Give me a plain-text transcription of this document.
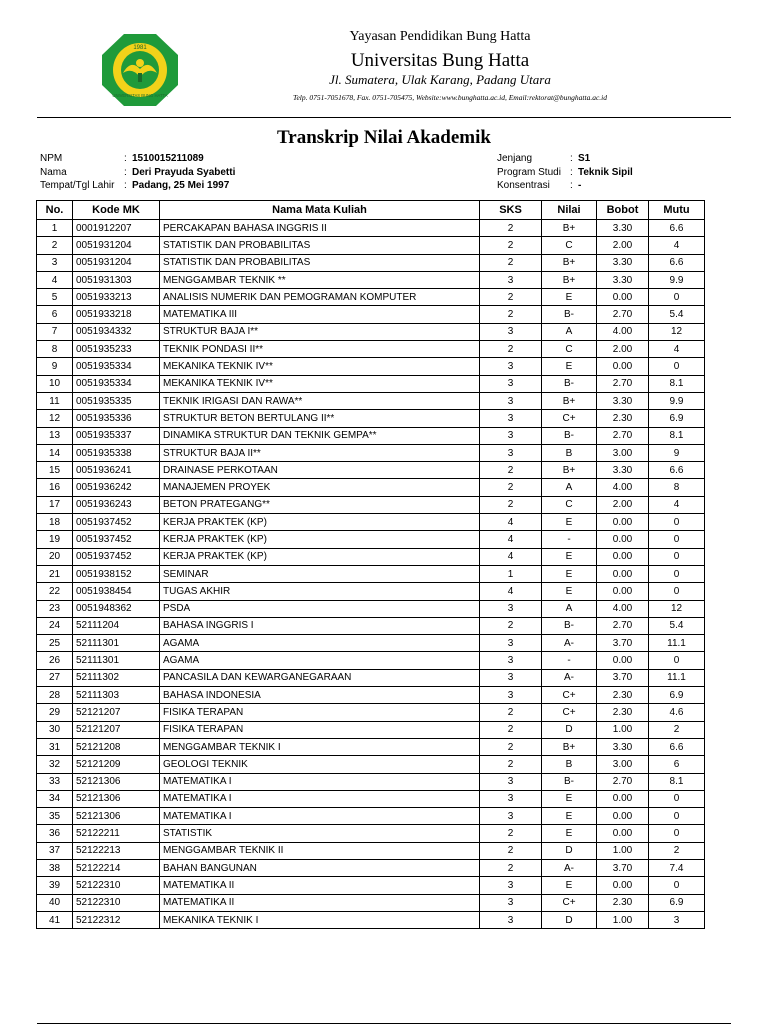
1981
UNIVERSITAS BUNG HATTA
Yayasan Pendidikan Bung Hatta
Universitas Bung Hatta
Jl. Sumatera, Ulak Karang, Padang Utara
Telp. 0751-7051678, Fax. 0751-705475, Website:www.bunghatta.ac.id, Email:rektorat@bunghatta.ac.id
Transkrip Nilai Akademik
NPM	: 1510015211089
Nama	: Deri Prayuda Syabetti
Tempat/Tgl Lahir : Padang, 25 Mei 1997
Jenjang	: S1
Program Studi : Teknik Sipil
Konsentrasi	: -
No.	Kode MK	Nama Mata Kuliah	SKS	Nilai	Bobot	Mutu
1	0001912207	PERCAKAPAN BAHASA INGGRIS II	2	B+	3.30	6.6
2	0051931204	STATISTIK DAN PROBABILITAS	2	C	2.00	4
3	0051931204	STATISTIK DAN PROBABILITAS	2	B+	3.30	6.6
4	0051931303	MENGGAMBAR TEKNIK **	3	B+	3.30	9.9
5	0051933213	ANALISIS NUMERIK DAN PEMOGRAMAN KOMPUTER	2	E	0.00	0
6	0051933218	MATEMATIKA III	2	B-	2.70	5.4
7	0051934332	STRUKTUR BAJA I**	3	A	4.00	12
8	0051935233	TEKNIK PONDASI II**	2	C	2.00	4
9	0051935334	MEKANIKA TEKNIK IV**	3	E	0.00	0
10	0051935334	MEKANIKA TEKNIK IV**	3	B-	2.70	8.1
11	0051935335	TEKNIK IRIGASI DAN RAWA**	3	B+	3.30	9.9
12	0051935336	STRUKTUR BETON BERTULANG II**	3	C+	2.30	6.9
13	0051935337	DINAMIKA STRUKTUR DAN TEKNIK GEMPA**	3	B-	2.70	8.1
14	0051935338	STRUKTUR BAJA II**	3	B	3.00	9
15	0051936241	DRAINASE PERKOTAAN	2	B+	3.30	6.6
16	0051936242	MANAJEMEN PROYEK	2	A	4.00	8
17	0051936243	BETON PRATEGANG**	2	C	2.00	4
18	0051937452	KERJA PRAKTEK (KP)	4	E	0.00	0
19	0051937452	KERJA PRAKTEK (KP)	4	-	0.00	0
20	0051937452	KERJA PRAKTEK (KP)	4	E	0.00	0
21	0051938152	SEMINAR	1	E	0.00	0
22	0051938454	TUGAS AKHIR	4	E	0.00	0
23	0051948362	PSDA	3	A	4.00	12
24	52111204	BAHASA INGGRIS I	2	B-	2.70	5.4
25	52111301	AGAMA	3	A-	3.70	11.1
26	52111301	AGAMA	3	-	0.00	0
27	52111302	PANCASILA DAN KEWARGANEGARAAN	3	A-	3.70	11.1
28	52111303	BAHASA INDONESIA	3	C+	2.30	6.9
29	52121207	FISIKA TERAPAN	2	C+	2.30	4.6
30	52121207	FISIKA TERAPAN	2	D	1.00	2
31	52121208	MENGGAMBAR TEKNIK I	2	B+	3.30	6.6
32	52121209	GEOLOGI TEKNIK	2	B	3.00	6
33	52121306	MATEMATIKA I	3	B-	2.70	8.1
34	52121306	MATEMATIKA I	3	E	0.00	0
35	52121306	MATEMATIKA I	3	E	0.00	0
36	52122211	STATISTIK	2	E	0.00	0
37	52122213	MENGGAMBAR TEKNIK II	2	D	1.00	2
38	52122214	BAHAN BANGUNAN	2	A-	3.70	7.4
39	52122310	MATEMATIKA II	3	E	0.00	0
40	52122310	MATEMATIKA II	3	C+	2.30	6.9
41	52122312	MEKANIKA TEKNIK I	3	D	1.00	3
